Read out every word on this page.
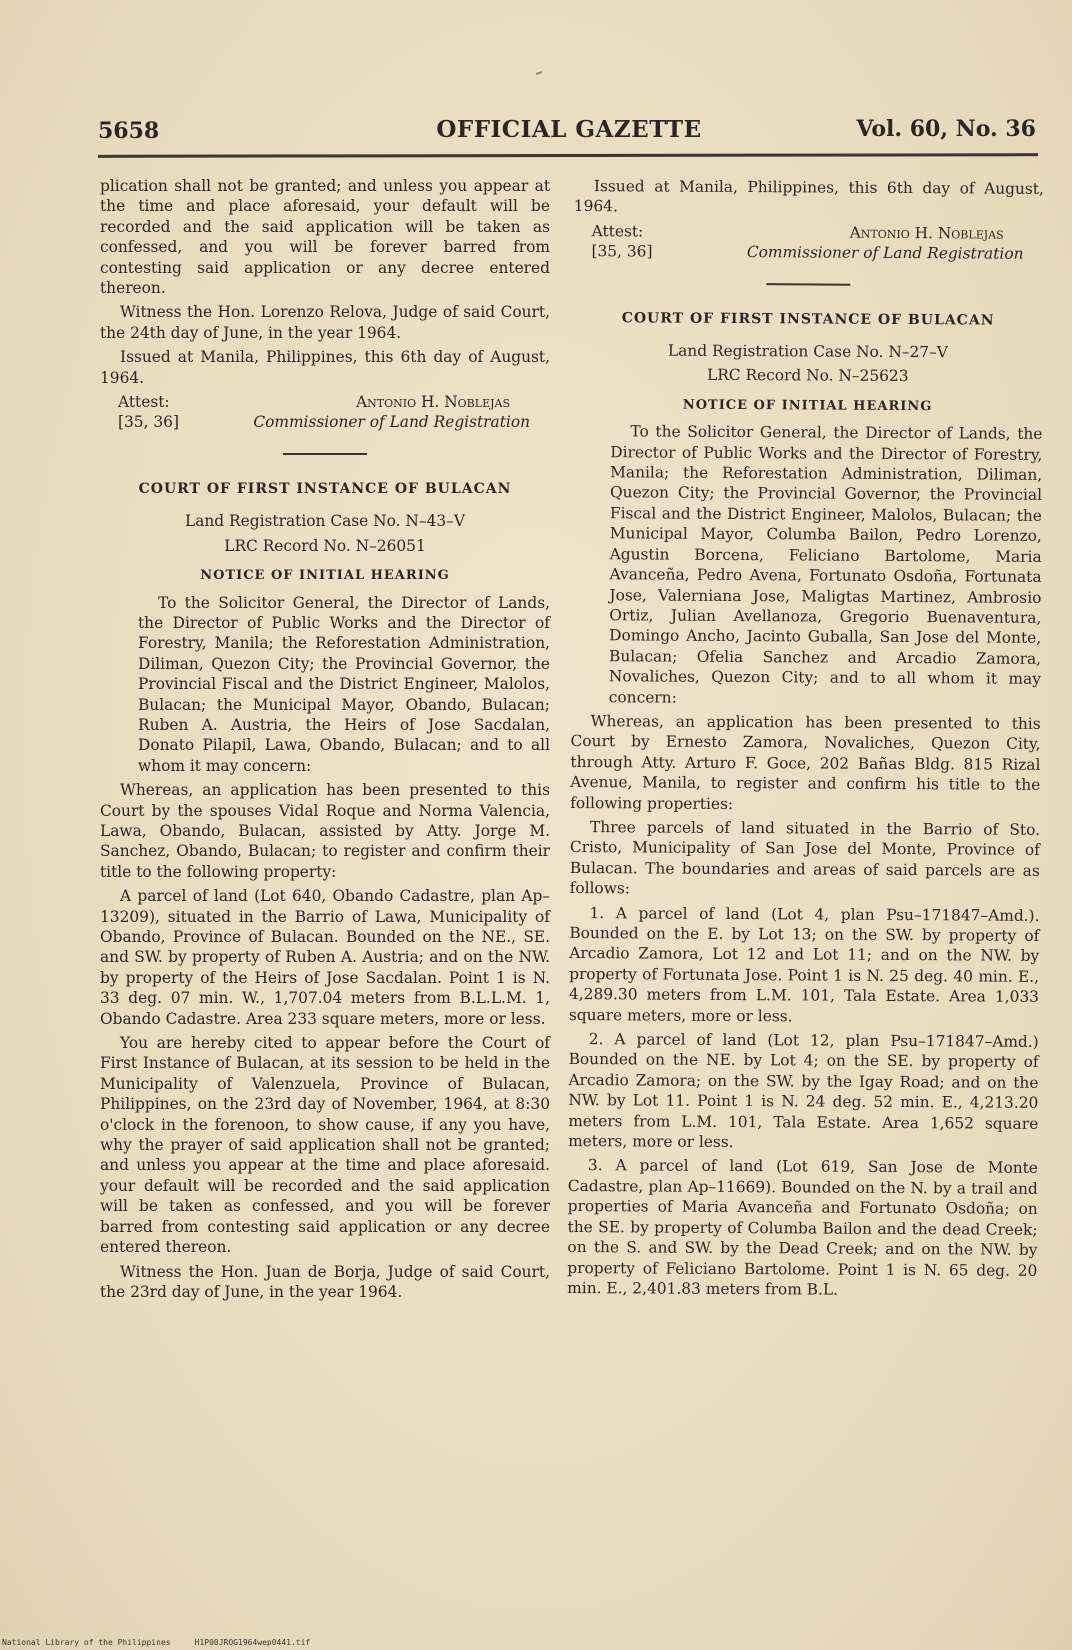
5658	OFFICIAL GAZETTE	Vol. 60, No. 36

plication shall not be granted; and unless you appear at the time and place aforesaid, your default will be recorded and the said application will be taken as confessed, and you will be forever barred from contesting said application or any decree entered thereon.

Witness the Hon. Lorenzo Relova, Judge of said Court, the 24th day of June, in the year 1964.

Issued at Manila, Philippines, this 6th day of August, 1964.

Attest:	Antonio H. Noblejas
[35, 36]	Commissioner of Land Registration
COURT OF FIRST INSTANCE OF BULACAN

Land Registration Case No. N–43–V

LRC Record No. N–26051

NOTICE OF INITIAL HEARING

To the Solicitor General, the Director of Lands, the Director of Public Works and the Director of Forestry, Manila; the Reforestation Administration, Diliman, Quezon City; the Provincial Governor, the Provincial Fiscal and the District Engineer, Malolos, Bulacan; the Municipal Mayor, Obando, Bulacan; Ruben A. Austria, the Heirs of Jose Sacdalan, Donato Pilapil, Lawa, Obando, Bulacan; and to all whom it may concern:

Whereas, an application has been presented to this Court by the spouses Vidal Roque and Norma Valencia, Lawa, Obando, Bulacan, assisted by Atty. Jorge M. Sanchez, Obando, Bulacan; to register and confirm their title to the following property:

A parcel of land (Lot 640, Obando Cadastre, plan Ap–13209), situated in the Barrio of Lawa, Municipality of Obando, Province of Bulacan. Bounded on the NE., SE. and SW. by property of Ruben A. Austria; and on the NW. by property of the Heirs of Jose Sacdalan. Point 1 is N. 33 deg. 07 min. W., 1,707.04 meters from B.L.L.M. 1, Obando Cadastre. Area 233 square meters, more or less.

You are hereby cited to appear before the Court of First Instance of Bulacan, at its session to be held in the Municipality of Valenzuela, Province of Bulacan, Philippines, on the 23rd day of November, 1964, at 8:30 o'clock in the forenoon, to show cause, if any you have, why the prayer of said application shall not be granted; and unless you appear at the time and place aforesaid. your default will be recorded and the said application will be taken as confessed, and you will be forever barred from contesting said application or any decree entered thereon.

Witness the Hon. Juan de Borja, Judge of said Court, the 23rd day of June, in the year 1964.

Issued at Manila, Philippines, this 6th day of August, 1964.

Attest:	Antonio H. Noblejas
[35, 36]	Commissioner of Land Registration
COURT OF FIRST INSTANCE OF BULACAN

Land Registration Case No. N–27–V

LRC Record No. N–25623

NOTICE OF INITIAL HEARING

To the Solicitor General, the Director of Lands, the Director of Public Works and the Director of Forestry, Manila; the Reforestation Administration, Diliman, Quezon City; the Provincial Governor, the Provincial Fiscal and the District Engineer, Malolos, Bulacan; the Municipal Mayor, Columba Bailon, Pedro Lorenzo, Agustin Borcena, Feliciano Bartolome, Maria Avanceña, Pedro Avena, Fortunato Osdoña, Fortunata Jose, Valerniana Jose, Maligtas Martinez, Ambrosio Ortiz, Julian Avellanoza, Gregorio Buenaventura, Domingo Ancho, Jacinto Guballa, San Jose del Monte, Bulacan; Ofelia Sanchez and Arcadio Zamora, Novaliches, Quezon City; and to all whom it may concern:

Whereas, an application has been presented to this Court by Ernesto Zamora, Novaliches, Quezon City, through Atty. Arturo F. Goce, 202 Bañas Bldg. 815 Rizal Avenue, Manila, to register and confirm his title to the following properties:

Three parcels of land situated in the Barrio of Sto. Cristo, Municipality of San Jose del Monte, Province of Bulacan. The boundaries and areas of said parcels are as follows:

1. A parcel of land (Lot 4, plan Psu–171847–Amd.). Bounded on the E. by Lot 13; on the SW. by property of Arcadio Zamora, Lot 12 and Lot 11; and on the NW. by property of Fortunata Jose. Point 1 is N. 25 deg. 40 min. E., 4,289.30 meters from L.M. 101, Tala Estate. Area 1,033 square meters, more or less.

2. A parcel of land (Lot 12, plan Psu–171847–Amd.) Bounded on the NE. by Lot 4; on the SE. by property of Arcadio Zamora; on the SW. by the Igay Road; and on the NW. by Lot 11. Point 1 is N. 24 deg. 52 min. E., 4,213.20 meters from L.M. 101, Tala Estate. Area 1,652 square meters, more or less.

3. A parcel of land (Lot 619, San Jose de Monte Cadastre, plan Ap–11669). Bounded on the N. by a trail and properties of Maria Avanceña and Fortunato Osdoña; on the SE. by property of Columba Bailon and the dead Creek; on the S. and SW. by the Dead Creek; and on the NW. by property of Feliciano Bartolome. Point 1 is N. 65 deg. 20 min. E., 2,401.83 meters from B.L.

National Library of the Philippines     H1P00JROG1964wep0441.tif
